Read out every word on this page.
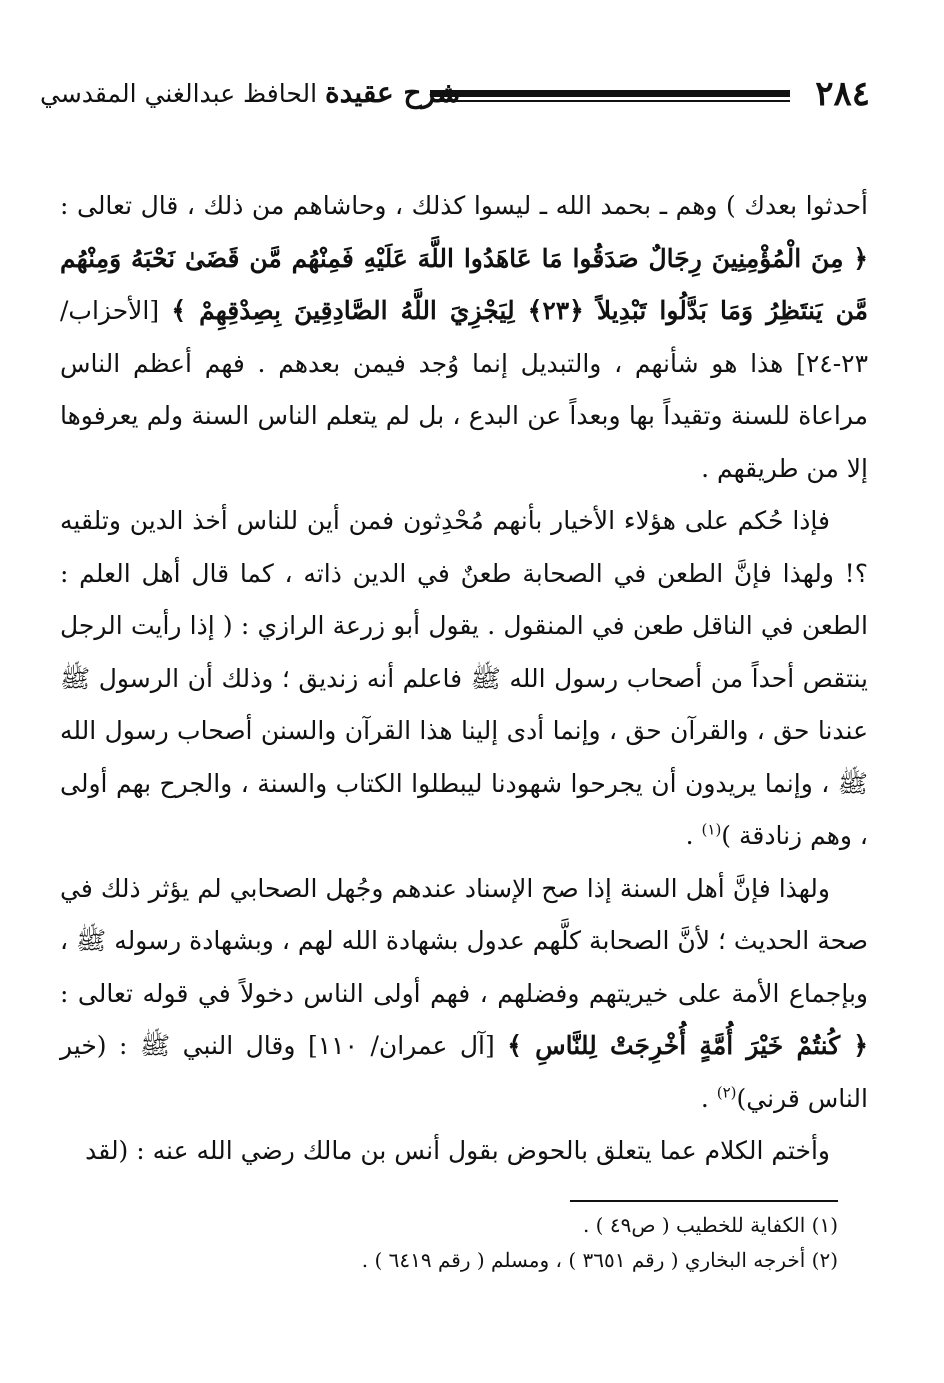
٢٨٤
شرح عقيدة الحافظ عبدالغني المقدسي

أحدثوا بعدك ) وهم ـ بحمد الله ـ ليسوا كذلك ، وحاشاهم من ذلك ، قال تعالى : ﴿ مِنَ الْمُؤْمِنِينَ رِجَالٌ صَدَقُوا مَا عَاهَدُوا اللَّهَ عَلَيْهِ فَمِنْهُم مَّن قَضَىٰ نَحْبَهُ وَمِنْهُم مَّن يَنتَظِرُ وَمَا بَدَّلُوا تَبْدِيلاً ﴿٢٣﴾ لِيَجْزِيَ اللَّهُ الصَّادِقِينَ بِصِدْقِهِمْ ﴾ [الأحزاب/ ٢٣-٢٤] هذا هو شأنهم ، والتبديل إنما وُجد فيمن بعدهم . فهم أعظم الناس مراعاة للسنة وتقيداً بها وبعداً عن البدع ، بل لم يتعلم الناس السنة ولم يعرفوها إلا من طريقهم .

فإذا حُكم على هؤلاء الأخيار بأنهم مُحْدِثون فمن أين للناس أخذ الدين وتلقيه ؟! ولهذا فإنَّ الطعن في الصحابة طعنٌ في الدين ذاته ، كما قال أهل العلم : الطعن في الناقل طعن في المنقول . يقول أبو زرعة الرازي : ( إذا رأيت الرجل ينتقص أحداً من أصحاب رسول الله ﷺ فاعلم أنه زنديق ؛ وذلك أن الرسول ﷺ عندنا حق ، والقرآن حق ، وإنما أدى إلينا هذا القرآن والسنن أصحاب رسول الله ﷺ ، وإنما يريدون أن يجرحوا شهودنا ليبطلوا الكتاب والسنة ، والجرح بهم أولى ، وهم زنادقة )$^{(١)}$ .

ولهذا فإنَّ أهل السنة إذا صح الإسناد عندهم وجُهل الصحابي لم يؤثر ذلك في صحة الحديث ؛ لأنَّ الصحابة كلَّهم عدول بشهادة الله لهم ، وبشهادة رسوله ﷺ ، وبإجماع الأمة على خيريتهم وفضلهم ، فهم أولى الناس دخولاً في قوله تعالى : ﴿ كُنتُمْ خَيْرَ أُمَّةٍ أُخْرِجَتْ لِلنَّاسِ ﴾ [آل عمران/ ١١٠] وقال النبي ﷺ : (خير الناس قرني)$^{(٢)}$ .

وأختم الكلام عما يتعلق بالحوض بقول أنس بن مالك رضي الله عنه : (لقد

(١) الكفاية للخطيب ( ص٤٩ ) .

(٢) أخرجه البخاري ( رقم ٣٦٥١ ) ، ومسلم ( رقم ٦٤١٩ ) .
